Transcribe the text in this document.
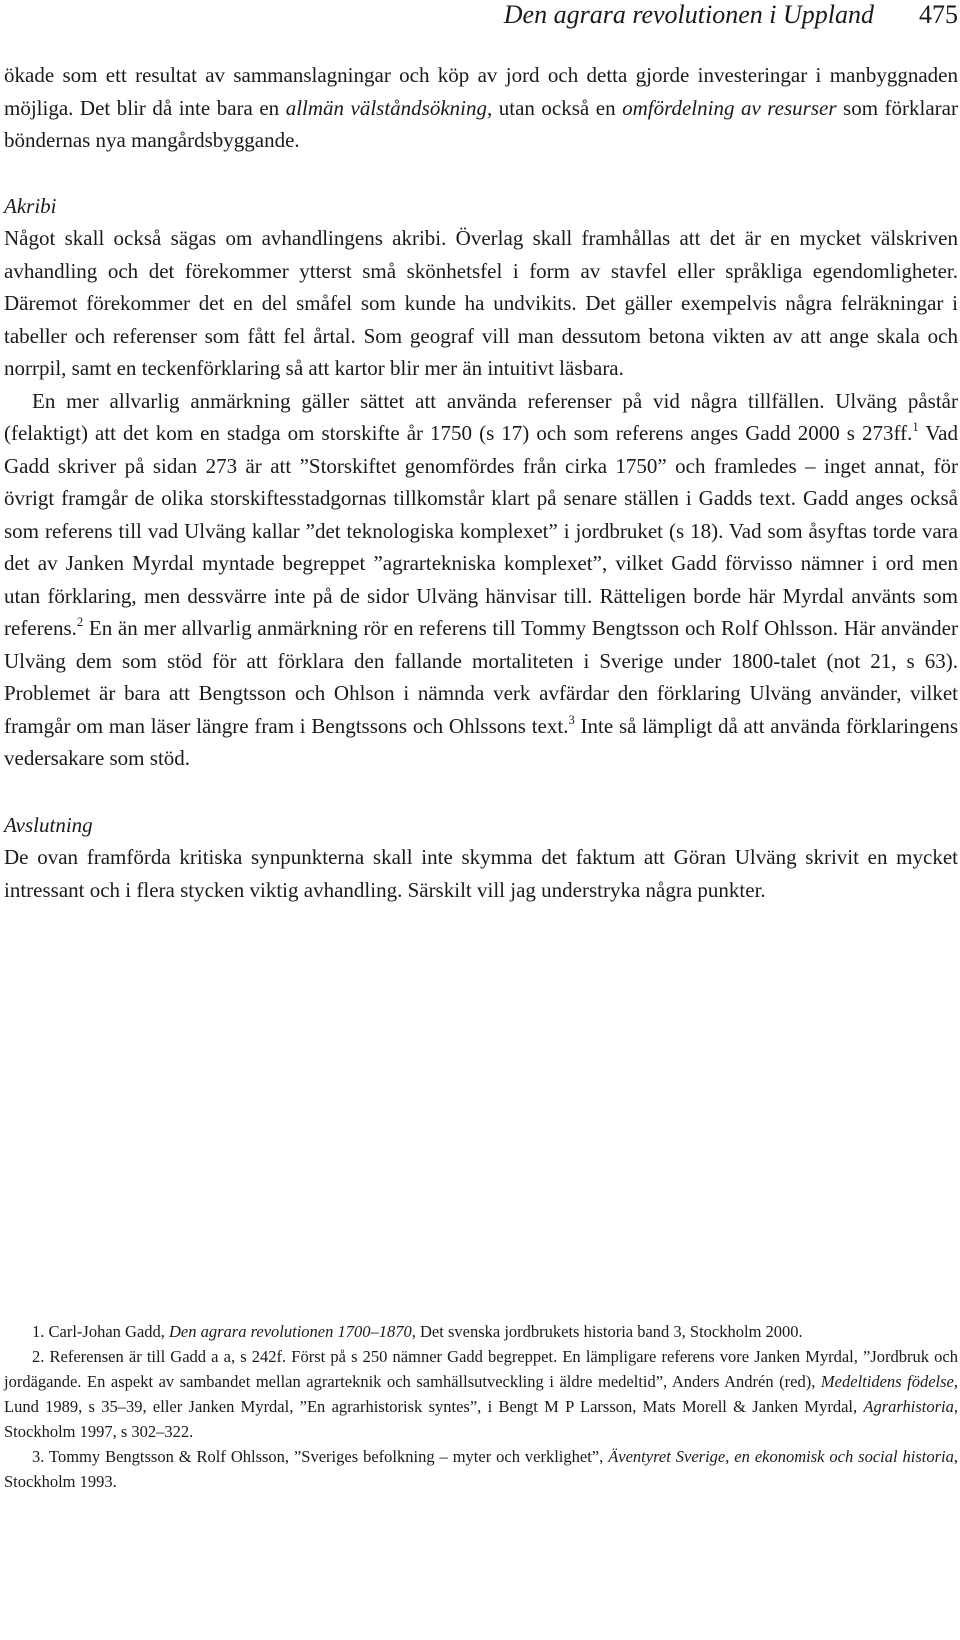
Den agrara revolutionen i Uppland 475

ökade som ett resultat av sammanslagningar och köp av jord och detta gjorde investeringar i manbyggnaden möjliga. Det blir då inte bara en allmän välståndsökning, utan också en omfördelning av resurser som förklarar böndernas nya mangårdsbyggande.

Akribi

Något skall också sägas om avhandlingens akribi. Överlag skall framhållas att det är en mycket välskriven avhandling och det förekommer ytterst små skönhetsfel i form av stavfel eller språkliga egendomligheter. Däremot förekommer det en del småfel som kunde ha undvikits. Det gäller exempelvis några felräkningar i tabeller och referenser som fått fel årtal. Som geograf vill man dessutom betona vikten av att ange skala och norrpil, samt en teckenförklaring så att kartor blir mer än intuitivt läsbara.

En mer allvarlig anmärkning gäller sättet att använda referenser på vid några tillfällen. Ulväng påstår (felaktigt) att det kom en stadga om storskifte år 1750 (s 17) och som referens anges Gadd 2000 s 273ff.$^1$ Vad Gadd skriver på sidan 273 är att ”Storskiftet genomfördes från cirka 1750” och framledes – inget annat, för övrigt framgår de olika storskiftesstadgornas tillkomstår klart på senare ställen i Gadds text. Gadd anges också som referens till vad Ulväng kallar ”det teknologiska komplexet” i jordbruket (s 18). Vad som åsyftas torde vara det av Janken Myrdal myntade begreppet ”agrartekniska komplexet”, vilket Gadd förvisso nämner i ord men utan förklaring, men dessvärre inte på de sidor Ulväng hänvisar till. Rätteligen borde här Myrdal använts som referens.$^2$ En än mer allvarlig anmärkning rör en referens till Tommy Bengtsson och Rolf Ohlsson. Här använder Ulväng dem som stöd för att förklara den fallande mortaliteten i Sverige under 1800-talet (not 21, s 63). Problemet är bara att Bengtsson och Ohlson i nämnda verk avfärdar den förklaring Ulväng använder, vilket framgår om man läser längre fram i Bengtssons och Ohlssons text.$^3$ Inte så lämpligt då att använda förklaringens vedersakare som stöd.

Avslutning

De ovan framförda kritiska synpunkterna skall inte skymma det faktum att Göran Ulväng skrivit en mycket intressant och i flera stycken viktig avhandling. Särskilt vill jag understryka några punkter.

1. Carl-Johan Gadd, Den agrara revolutionen 1700–1870, Det svenska jordbrukets historia band 3, Stockholm 2000.

2. Referensen är till Gadd a a, s 242f. Först på s 250 nämner Gadd begreppet. En lämpligare referens vore Janken Myrdal, ”Jordbruk och jordägande. En aspekt av sambandet mellan agrarteknik och samhällsutveckling i äldre medeltid”, Anders Andrén (red), Medeltidens födelse, Lund 1989, s 35–39, eller Janken Myrdal, ”En agrarhistorisk syntes”, i Bengt M P Larsson, Mats Morell & Janken Myrdal, Agrarhistoria, Stockholm 1997, s 302–322.

3. Tommy Bengtsson & Rolf Ohlsson, ”Sveriges befolkning – myter och verklighet”, Äventyret Sverige, en ekonomisk och social historia, Stockholm 1993.
